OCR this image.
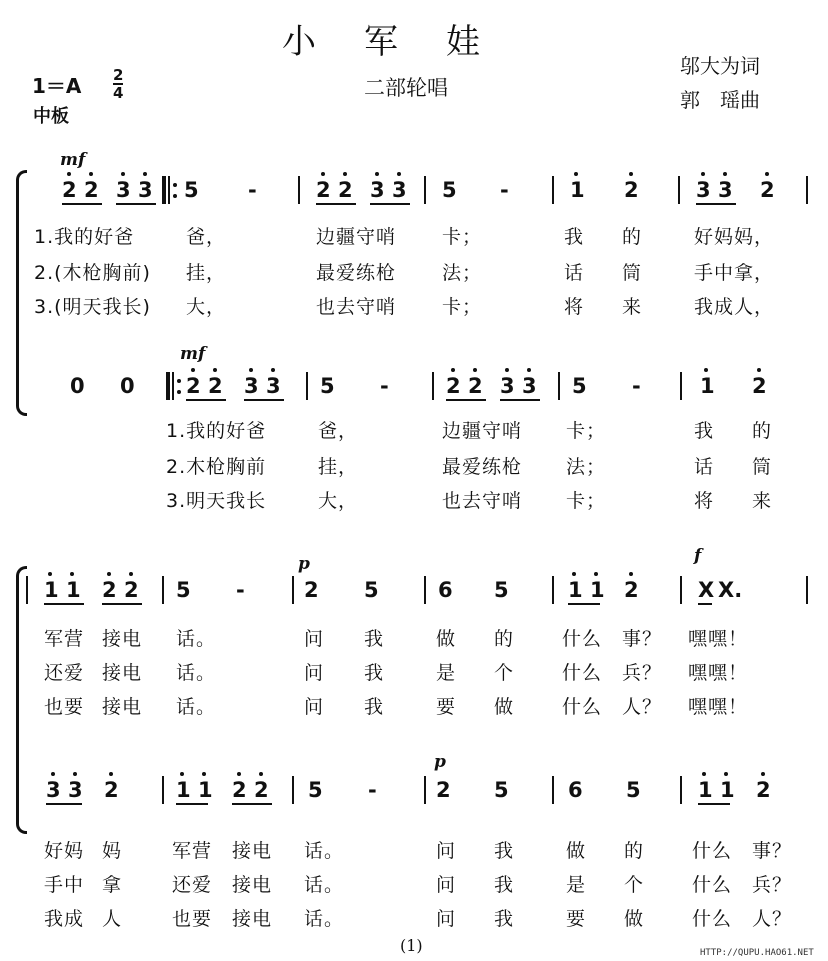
小军娃
二部轮唱
邬大为词
郭　瑶曲
1＝A 2
4
中板
mf
2 2 3 3 5 -	2 2 3 3 5 -	1 2	3 3 2
1.我的好爸	爸，	边疆守哨 卡；	我 的	好妈妈，
2.(木枪胸前) 挂，	最爱练枪 法；	话 筒	手中拿，
3.(明天我长) 大，	也去守哨 卡；	将 来	我成人，
mf
0 0 2 2 3 3 5 -	2 2 3 3 5 -	1 2
1.我的好爸	爸，	边疆守哨 卡；	我 的
2.木枪胸前	挂，	最爱练枪 法；	话 筒
3.明天我长	大，	也去守哨 卡；	将 来
p	f
1 1 2 2 5 -	2 5	6 5	1 1 2	X X.
军营 接电 话。	问 我	做 的	什么 事？ 嘿嘿！
还爱 接电 话。	问 我	是 个	什么 兵？ 嘿嘿！
也要 接电 话。	问 我	要 做	什么 人？ 嘿嘿！
p
3 3 2	1 1 2 2 5 -	2 5	6 5	1 1 2
好妈 妈	军营 接电 话。	问 我	做 的	什么 事？
手中 拿	还爱 接电 话。	问 我	是 个	什么 兵？
我成 人	也要 接电 话。	问 我	要 做	什么 人？
(1)	HTTP://QUPU.HAO61.NET
